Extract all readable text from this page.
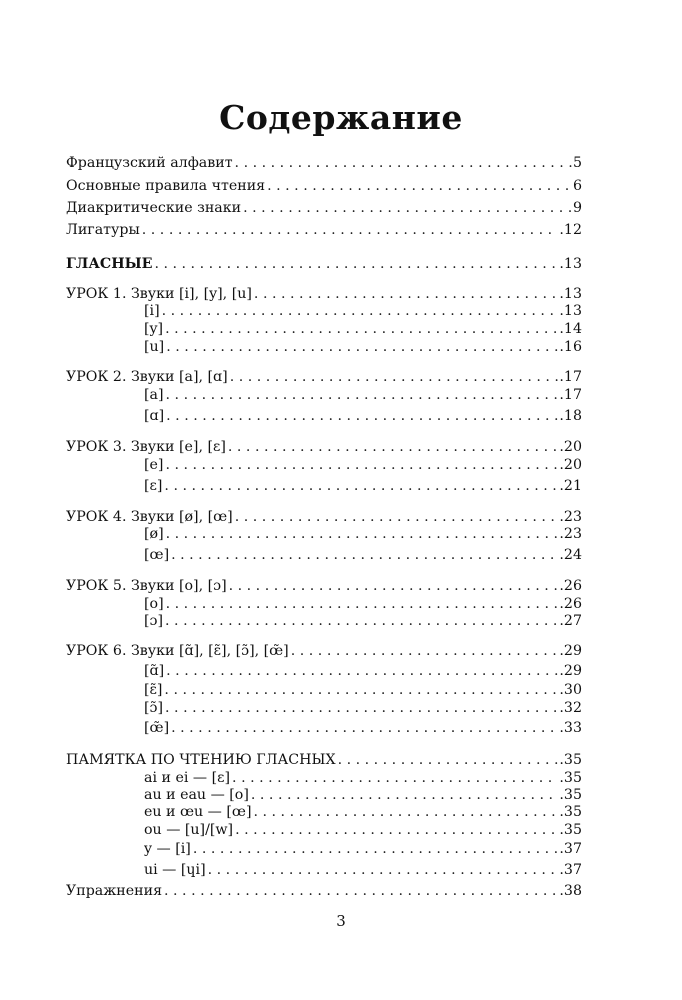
Содержание
Французский алфавит . . .	5
Основные правила чтения . . .	6
Диакритические знаки . . .	9
Лигатуры . . .	.12
ГЛАСНЫЕ . . .	.13
УРОК 1. Звуки [i], [y], [u] . . .	.13
[i] . . .	.13
[y] . . .	.14
[u] . . .	.16
УРОК 2. Звуки [a], [ɑ] . . .	.17
[a] . . .	.17
[ɑ] . . .	.18
УРОК 3. Звуки [e], [ɛ] . . .	.20
[e] . . .	.20
[ɛ] . . .	.21
УРОК 4. Звуки [ø], [œ] . . .	.23
[ø] . . .	.23
[œ] . . .	.24
УРОК 5. Звуки [o], [ɔ] . . .	.26
[o] . . .	.26
[ɔ] . . .	.27
УРОК 6. Звуки [ɑ̃], [ɛ̃], [ɔ̃], [œ̃] . . .	.29
[ɑ̃] . . .	.29
[ɛ̃] . . .	.30
[ɔ̃] . . .	.32
[œ̃] . . .	.33
ПАМЯТКА ПО ЧТЕНИЮ ГЛАСНЫХ . . .	.35
ai и ei — [ɛ] . . .	.35
au и eau — [o] . . .	.35
eu и œu — [œ] . . .	.35
ou — [u]/[w] . . .	.35
y — [i] . . .	.37
ui — [ɥi] . . .	.37
Упражнения . . .	.38
3
